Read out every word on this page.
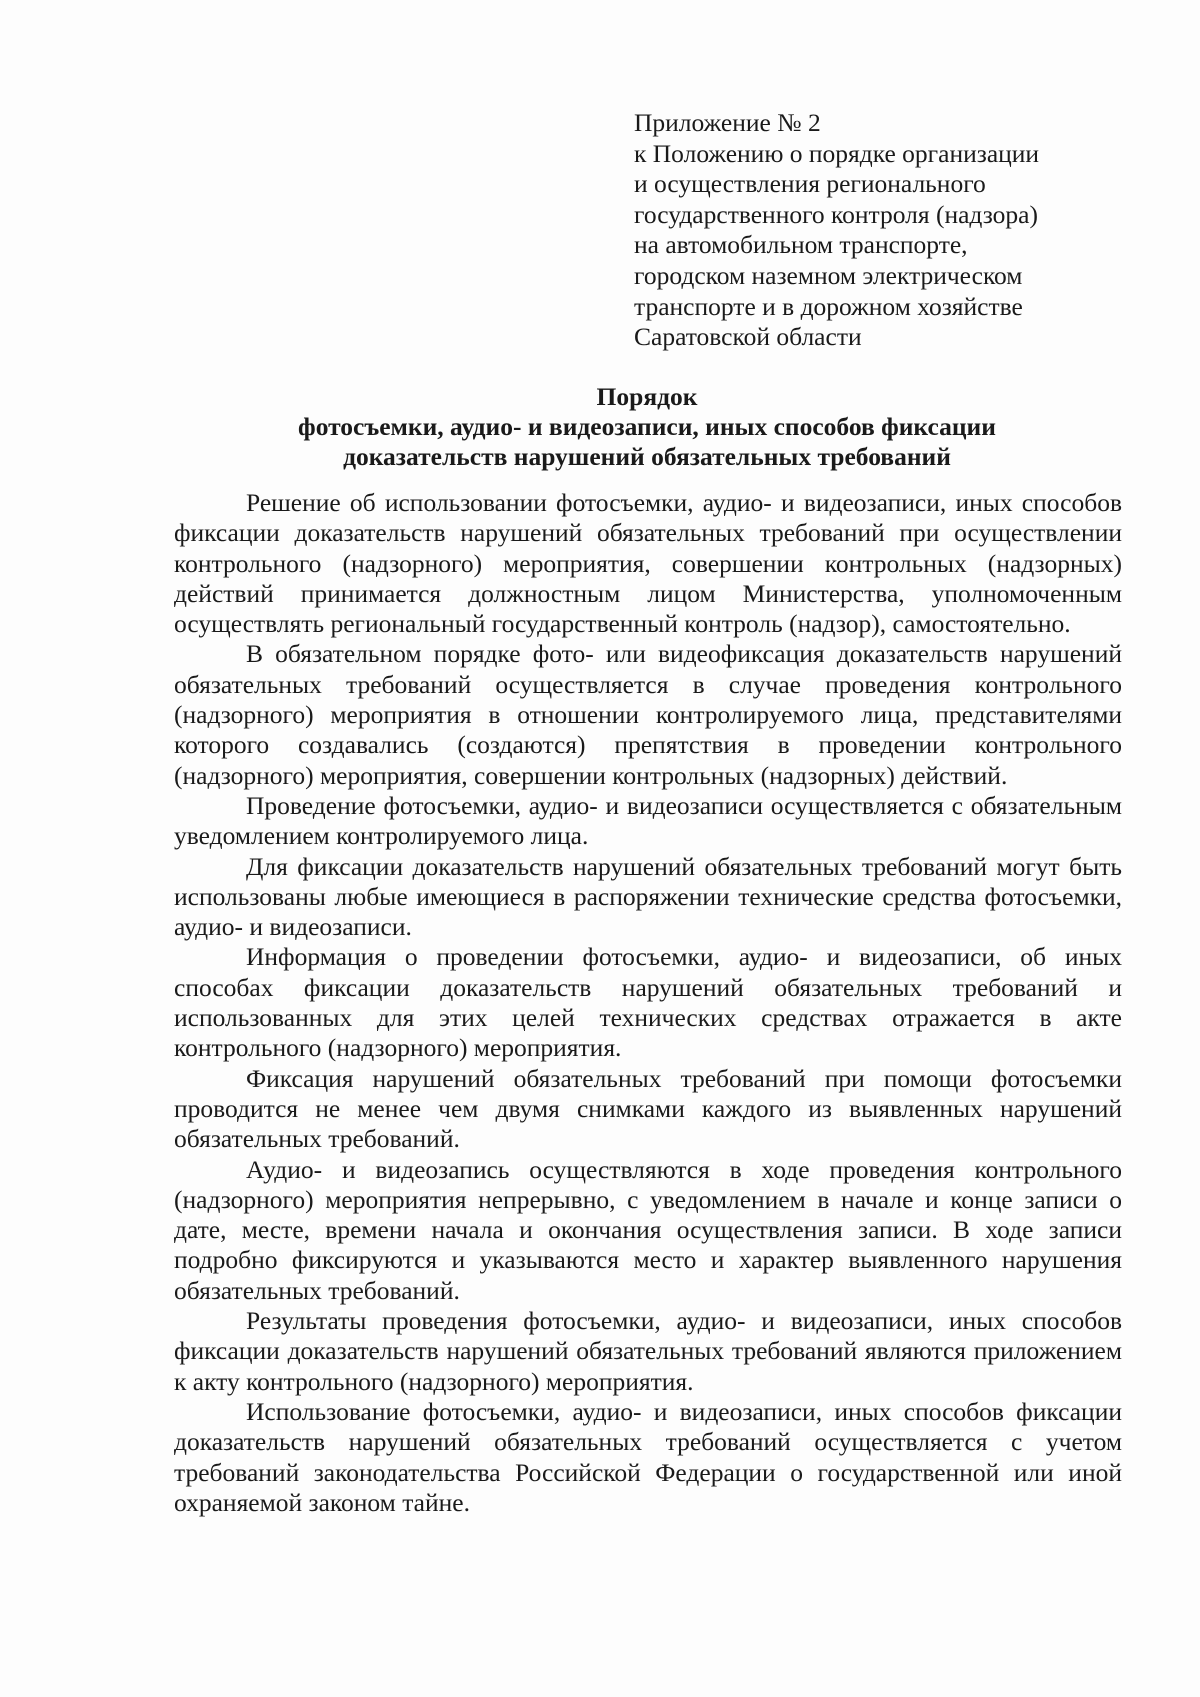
Приложение № 2
к Положению о порядке организации
и осуществления регионального
государственного контроля (надзора)
на автомобильном транспорте,
городском наземном электрическом
транспорте и в дорожном хозяйстве
Саратовской области
Порядок
фотосъемки, аудио- и видеозаписи, иных способов фиксации
доказательств нарушений обязательных требований

Решение об использовании фотосъемки, аудио- и видеозаписи, иных способов фиксации доказательств нарушений обязательных требований при осуществлении контрольного (надзорного) мероприятия, совершении контрольных (надзорных) действий принимается должностным лицом Министерства, уполномоченным осуществлять региональный государственный контроль (надзор), самостоятельно.

В обязательном порядке фото- или видеофиксация доказательств нарушений обязательных требований осуществляется в случае проведения контрольного (надзорного) мероприятия в отношении контролируемого лица, представителями которого создавались (создаются) препятствия в проведении контрольного (надзорного) мероприятия, совершении контрольных (надзорных) действий.

Проведение фотосъемки, аудио- и видеозаписи осуществляется с обязательным уведомлением контролируемого лица.

Для фиксации доказательств нарушений обязательных требований могут быть использованы любые имеющиеся в распоряжении технические средства фотосъемки, аудио- и видеозаписи.

Информация о проведении фотосъемки, аудио- и видеозаписи, об иных способах фиксации доказательств нарушений обязательных требований и использованных для этих целей технических средствах отражается в акте контрольного (надзорного) мероприятия.

Фиксация нарушений обязательных требований при помощи фотосъемки проводится не менее чем двумя снимками каждого из выявленных нарушений обязательных требований.

Аудио- и видеозапись осуществляются в ходе проведения контрольного (надзорного) мероприятия непрерывно, с уведомлением в начале и конце записи о дате, месте, времени начала и окончания осуществления записи. В ходе записи подробно фиксируются и указываются место и характер выявленного нарушения обязательных требований.

Результаты проведения фотосъемки, аудио- и видеозаписи, иных способов фиксации доказательств нарушений обязательных требований являются приложением к акту контрольного (надзорного) мероприятия.

Использование фотосъемки, аудио- и видеозаписи, иных способов фиксации доказательств нарушений обязательных требований осуществляется с учетом требований законодательства Российской Федерации о государственной или иной охраняемой законом тайне.
